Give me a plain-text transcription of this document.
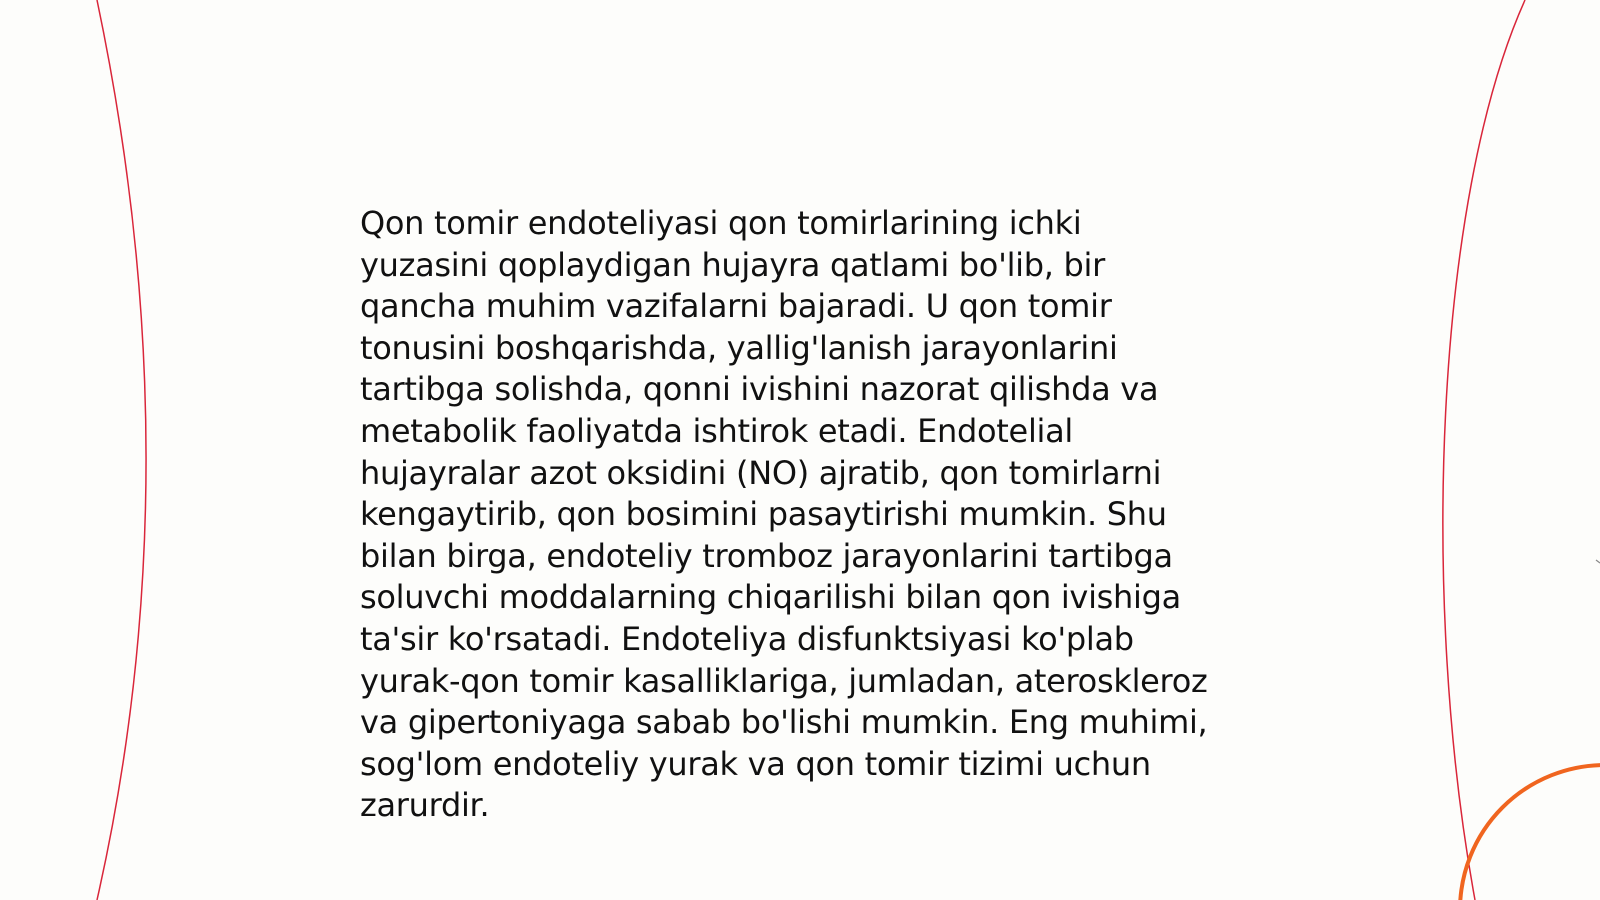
Qon tomir endoteliyasi qon tomirlarining ichki
yuzasini qoplaydigan hujayra qatlami bo'lib, bir
qancha muhim vazifalarni bajaradi. U qon tomir
tonusini boshqarishda, yallig'lanish jarayonlarini
tartibga solishda, qonni ivishini nazorat qilishda va
metabolik faoliyatda ishtirok etadi. Endotelial
hujayralar azot oksidini (NO) ajratib, qon tomirlarni
kengaytirib, qon bosimini pasaytirishi mumkin. Shu
bilan birga, endoteliy tromboz jarayonlarini tartibga
soluvchi moddalarning chiqarilishi bilan qon ivishiga
ta'sir ko'rsatadi. Endoteliya disfunktsiyasi ko'plab
yurak-qon tomir kasalliklariga, jumladan, ateroskleroz
va gipertoniyaga sabab bo'lishi mumkin. Eng muhimi,
sog'lom endoteliy yurak va qon tomir tizimi uchun
zarurdir.
